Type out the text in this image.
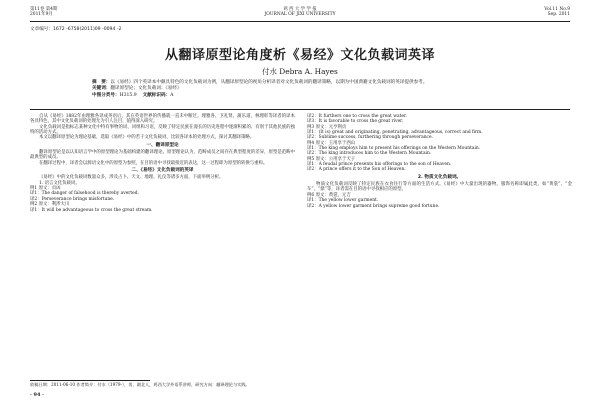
第11卷 第4期
2011年9月
鸡 西 大 学 学 报
JOURNAL OF JIXI UNIVERSITY
Vol.11 No.9
Sep. 2011
文章编号：1672 -6758(2011)09 -0094 -2
从翻译原型论角度析《易经》文化负载词英译
付水 Debra A. Hayes

摘　要：以《易经》四个英译本中颇具特色的文化负载词为例，从翻译原型论的视角分析译者对文化负载词的翻译策略，以期为中国典籍文化负载词的英译提供参考。

关键词：翻译原型论；文化负载词；《易经》

中图分类号：H315.9 文献标识码：A

自从《易经》1882年由理雅各译成英语后，其在英语世界的传播就一直未中断过。理雅各、卫礼贤、蒲乐道、林理彰等译者的译本各具特色，其中文化负载词的处理尤为引人注目，值得深入研究。

文化负载词是指标志某种文化中特有事物的词、词组和习语，反映了特定民族在漫长的历史进程中逐渐积累的、有别于其他民族的独特的活动方式。

本文以翻译原型论为理论基础，选取《易经》中的若干文化负载词，比较各译本的处理方式，探讨其翻译策略。

一、翻译原型论

翻译原型论是以认知语言学中的原型理论为基础构建的翻译理论。原型理论认为，范畴成员之间存在典型程度的差异，原型是范畴中最典型的成员。

在翻译过程中，译者会以源语文化中的原型为参照，在目的语中寻找最接近的表达，这一过程即为原型的转换与重构。

二、《易经》文化负载词的英译

《易经》中的文化负载词数量众多，涉及占卜、天文、地理、礼仪等诸多方面，下面举例分析。

1. 语言文化负载词。

例1 原文：贞凶

译1：The danger of falsehood is thereby averted.

译2：Perseverance brings misfortune.

例2 原文：利涉大川

译1：It will be advantageous to cross the great stream.

译2：It furthers one to cross the great water.

译3：It is favorable to cross the great river.

例3 原文：元亨利贞

译1：(It is) great and originating, penetrating, advantageous, correct and firm.

译2：Sublime success, furthering through perseverance.

例4 原文：王用享于西山

译1：The king employs him to present his offerings on the Western Mountain.

译2：The king introduces him to the Western Mountain.

例5 原文：公用享于天子

译1：A feudal prince presents his offerings to the son of Heaven.

译2：A prince offers it to the Son of Heaven.

2. 物质文化负载词。

物质文化负载词反映了特定民族在衣食住行等方面的生活方式。《易经》中大量出现的器物、服饰名称即属此类，如“黄裳”、“金车”、“鼎”等，译者需在目的语中寻找相应的原型。

例6 原文：黄裳，元吉

译1：The yellow lower garment.

译2：A yellow lower garment brings supreme good fortune.

收稿日期：2011-06-10 作者简介：付水（1979-），男，湖北人，鸡西大学外语系讲师，研究方向：翻译理论与实践。
· 94 ·
